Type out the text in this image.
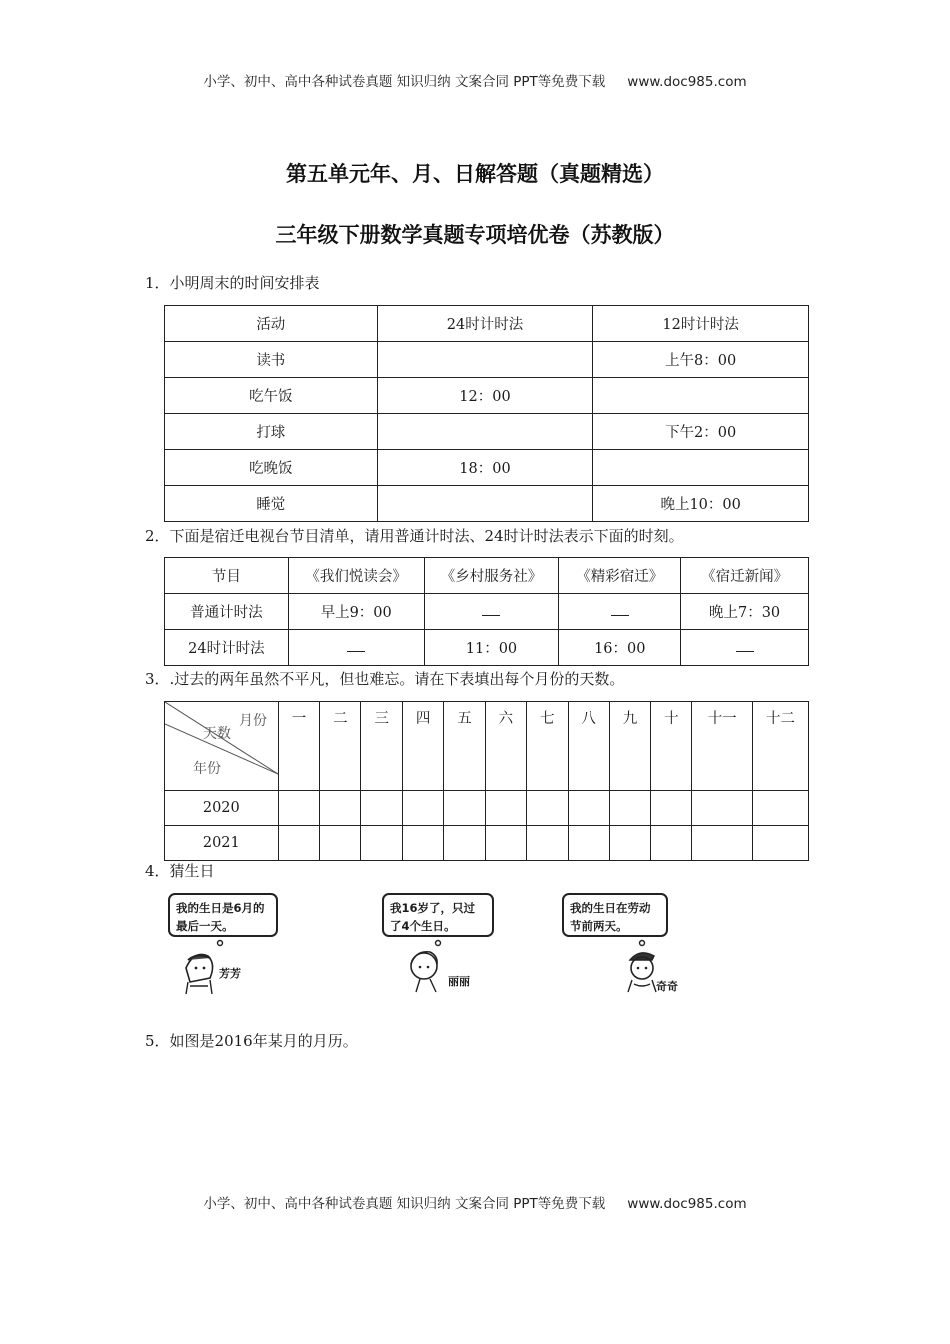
小学、初中、高中各种试卷真题 知识归纳 文案合同 PPT等免费下载 www.doc985.com
第五单元年、月、日解答题（真题精选）
三年级下册数学真题专项培优卷（苏教版）
1．小明周末的时间安排表
活动	24时计时法	12时计时法
读书		上午8：00
吃午饭	12：00	
打球		下午2：00
吃晚饭	18：00	
睡觉		晚上10：00
2．下面是宿迁电视台节目清单，请用普通计时法、24时计时法表示下面的时刻。
节目	《我们悦读会》	《乡村服务社》	《精彩宿迁》	《宿迁新闻》
普通计时法	早上9：00			晚上7：30
24时计时法		11：00	16：00	
3．.过去的两年虽然不平凡，但也难忘。请在下表填出每个月份的天数。
月份
天数
年份	一	二	三	四	五	六	七	八	九	十	十一	十二
2020												
2021												
4．猜生日
我的生日是6月的最后一天。
芳芳
我16岁了，只过了4个生日。
丽丽
我的生日在劳动节前两天。
奇奇
5．如图是2016年某月的月历。
小学、初中、高中各种试卷真题 知识归纳 文案合同 PPT等免费下载 www.doc985.com
